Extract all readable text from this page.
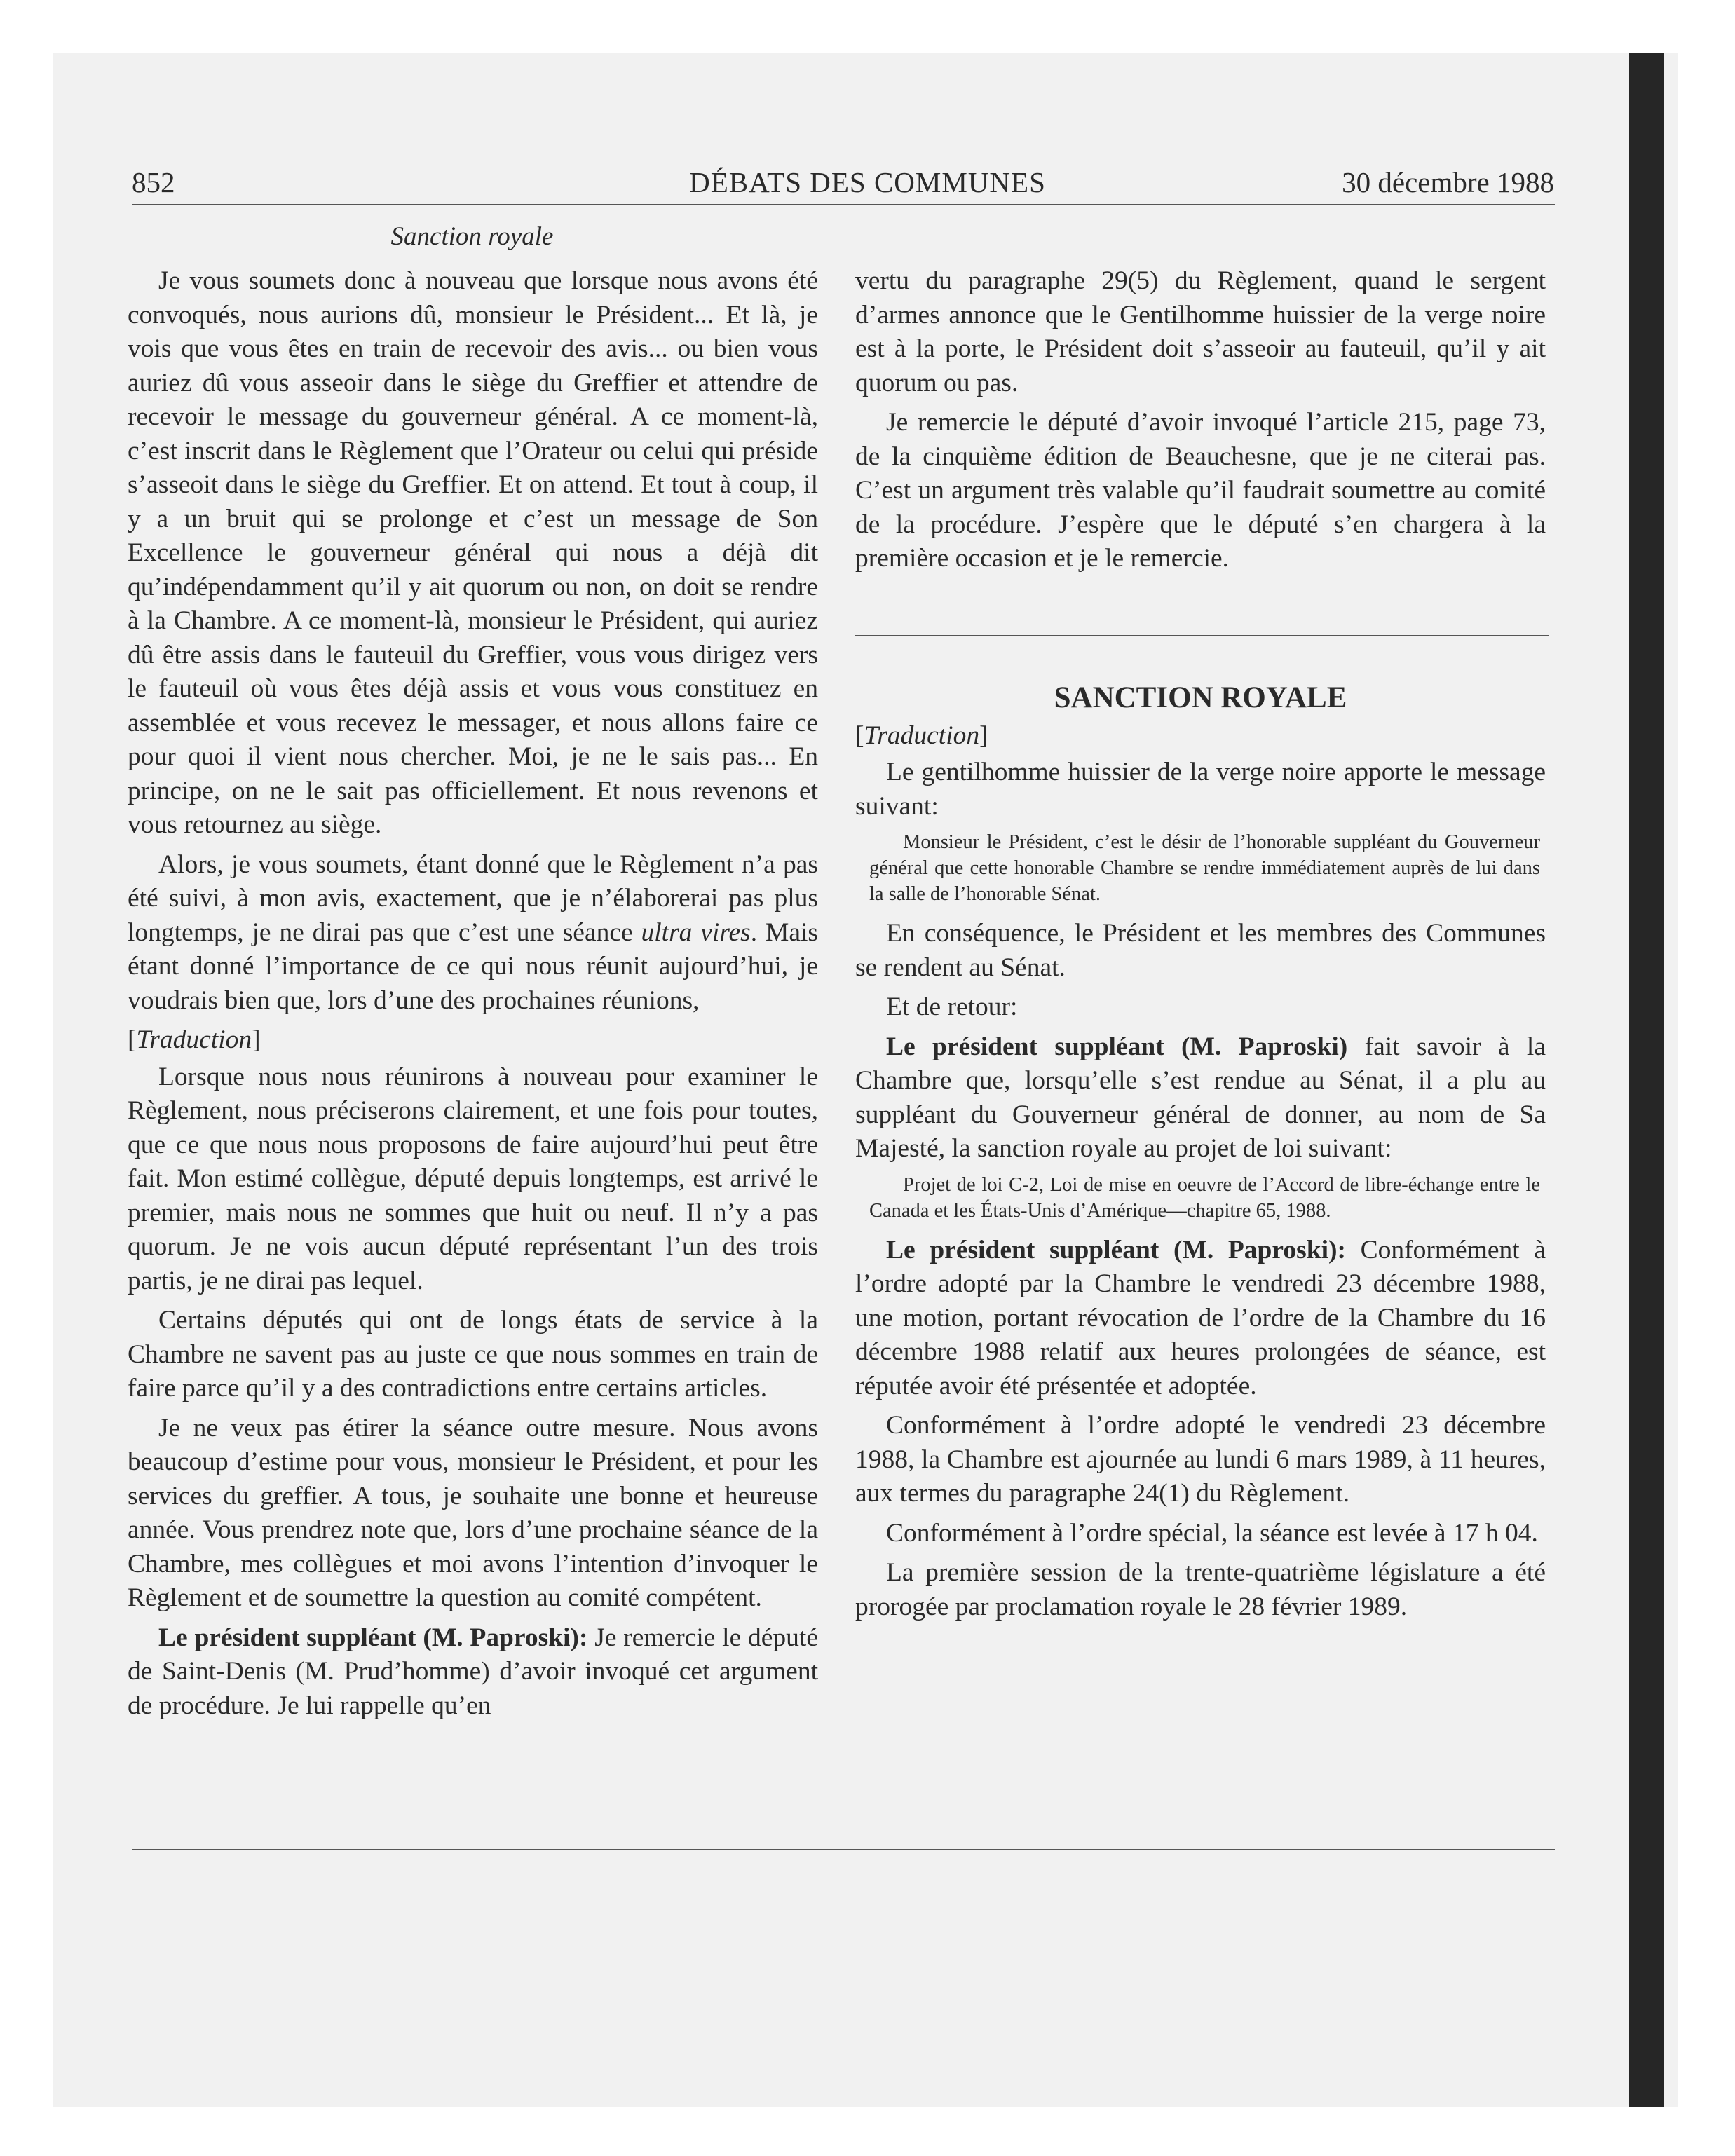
852	DÉBATS DES COMMUNES	30 décembre 1988
Sanction royale

Je vous soumets donc à nouveau que lorsque nous avons été convoqués, nous aurions dû, monsieur le Président... Et là, je vois que vous êtes en train de recevoir des avis... ou bien vous auriez dû vous asseoir dans le siège du Greffier et attendre de recevoir le message du gouverneur général. A ce moment-là, c’est inscrit dans le Règlement que l’Orateur ou celui qui préside s’asseoit dans le siège du Greffier. Et on attend. Et tout à coup, il y a un bruit qui se prolonge et c’est un message de Son Excellence le gouverneur général qui nous a déjà dit qu’indépendamment qu’il y ait quorum ou non, on doit se rendre à la Chambre. A ce moment-là, monsieur le Président, qui auriez dû être assis dans le fauteuil du Greffier, vous vous dirigez vers le fauteuil où vous êtes déjà assis et vous vous constituez en assemblée et vous recevez le messager, et nous allons faire ce pour quoi il vient nous chercher. Moi, je ne le sais pas... En principe, on ne le sait pas officiellement. Et nous revenons et vous retournez au siège.

Alors, je vous soumets, étant donné que le Règlement n’a pas été suivi, à mon avis, exactement, que je n’élaborerai pas plus longtemps, je ne dirai pas que c’est une séance ultra vires. Mais étant donné l’importance de ce qui nous réunit aujourd’hui, je voudrais bien que, lors d’une des prochaines réunions,

[Traduction]

Lorsque nous nous réunirons à nouveau pour examiner le Règlement, nous préciserons clairement, et une fois pour toutes, que ce que nous nous proposons de faire aujourd’hui peut être fait. Mon estimé collègue, député depuis longtemps, est arrivé le premier, mais nous ne sommes que huit ou neuf. Il n’y a pas quorum. Je ne vois aucun député représentant l’un des trois partis, je ne dirai pas lequel.

Certains députés qui ont de longs états de service à la Chambre ne savent pas au juste ce que nous sommes en train de faire parce qu’il y a des contradictions entre certains articles.

Je ne veux pas étirer la séance outre mesure. Nous avons beaucoup d’estime pour vous, monsieur le Président, et pour les services du greffier. A tous, je souhaite une bonne et heureuse année. Vous prendrez note que, lors d’une prochaine séance de la Chambre, mes collègues et moi avons l’intention d’invoquer le Règlement et de soumettre la question au comité compétent.

Le président suppléant (M. Paproski): Je remercie le député de Saint-Denis (M. Prud’homme) d’avoir invoqué cet argument de procédure. Je lui rappelle qu’en

vertu du paragraphe 29(5) du Règlement, quand le sergent d’armes annonce que le Gentilhomme huissier de la verge noire est à la porte, le Président doit s’asseoir au fauteuil, qu’il y ait quorum ou pas.

Je remercie le député d’avoir invoqué l’article 215, page 73, de la cinquième édition de Beauchesne, que je ne citerai pas. C’est un argument très valable qu’il faudrait soumettre au comité de la procédure. J’espère que le député s’en chargera à la première occasion et je le remercie.

SANCTION ROYALE

[Traduction]

Le gentilhomme huissier de la verge noire apporte le message suivant:

Monsieur le Président, c’est le désir de l’honorable suppléant du Gouverneur général que cette honorable Chambre se rendre immédiatement auprès de lui dans la salle de l’honorable Sénat.

En conséquence, le Président et les membres des Communes se rendent au Sénat.

Et de retour:

Le président suppléant (M. Paproski) fait savoir à la Chambre que, lorsqu’elle s’est rendue au Sénat, il a plu au suppléant du Gouverneur général de donner, au nom de Sa Majesté, la sanction royale au projet de loi suivant:

Projet de loi C-2, Loi de mise en oeuvre de l’Accord de libre-échange entre le Canada et les États-Unis d’Amérique—chapitre 65, 1988.

Le président suppléant (M. Paproski): Conformément à l’ordre adopté par la Chambre le vendredi 23 décembre 1988, une motion, portant révocation de l’ordre de la Chambre du 16 décembre 1988 relatif aux heures prolongées de séance, est réputée avoir été présentée et adoptée.

Conformément à l’ordre adopté le vendredi 23 décembre 1988, la Chambre est ajournée au lundi 6 mars 1989, à 11 heures, aux termes du paragraphe 24(1) du Règlement.

Conformément à l’ordre spécial, la séance est levée à 17 h 04.

La première session de la trente-quatrième législature a été prorogée par proclamation royale le 28 février 1989.
